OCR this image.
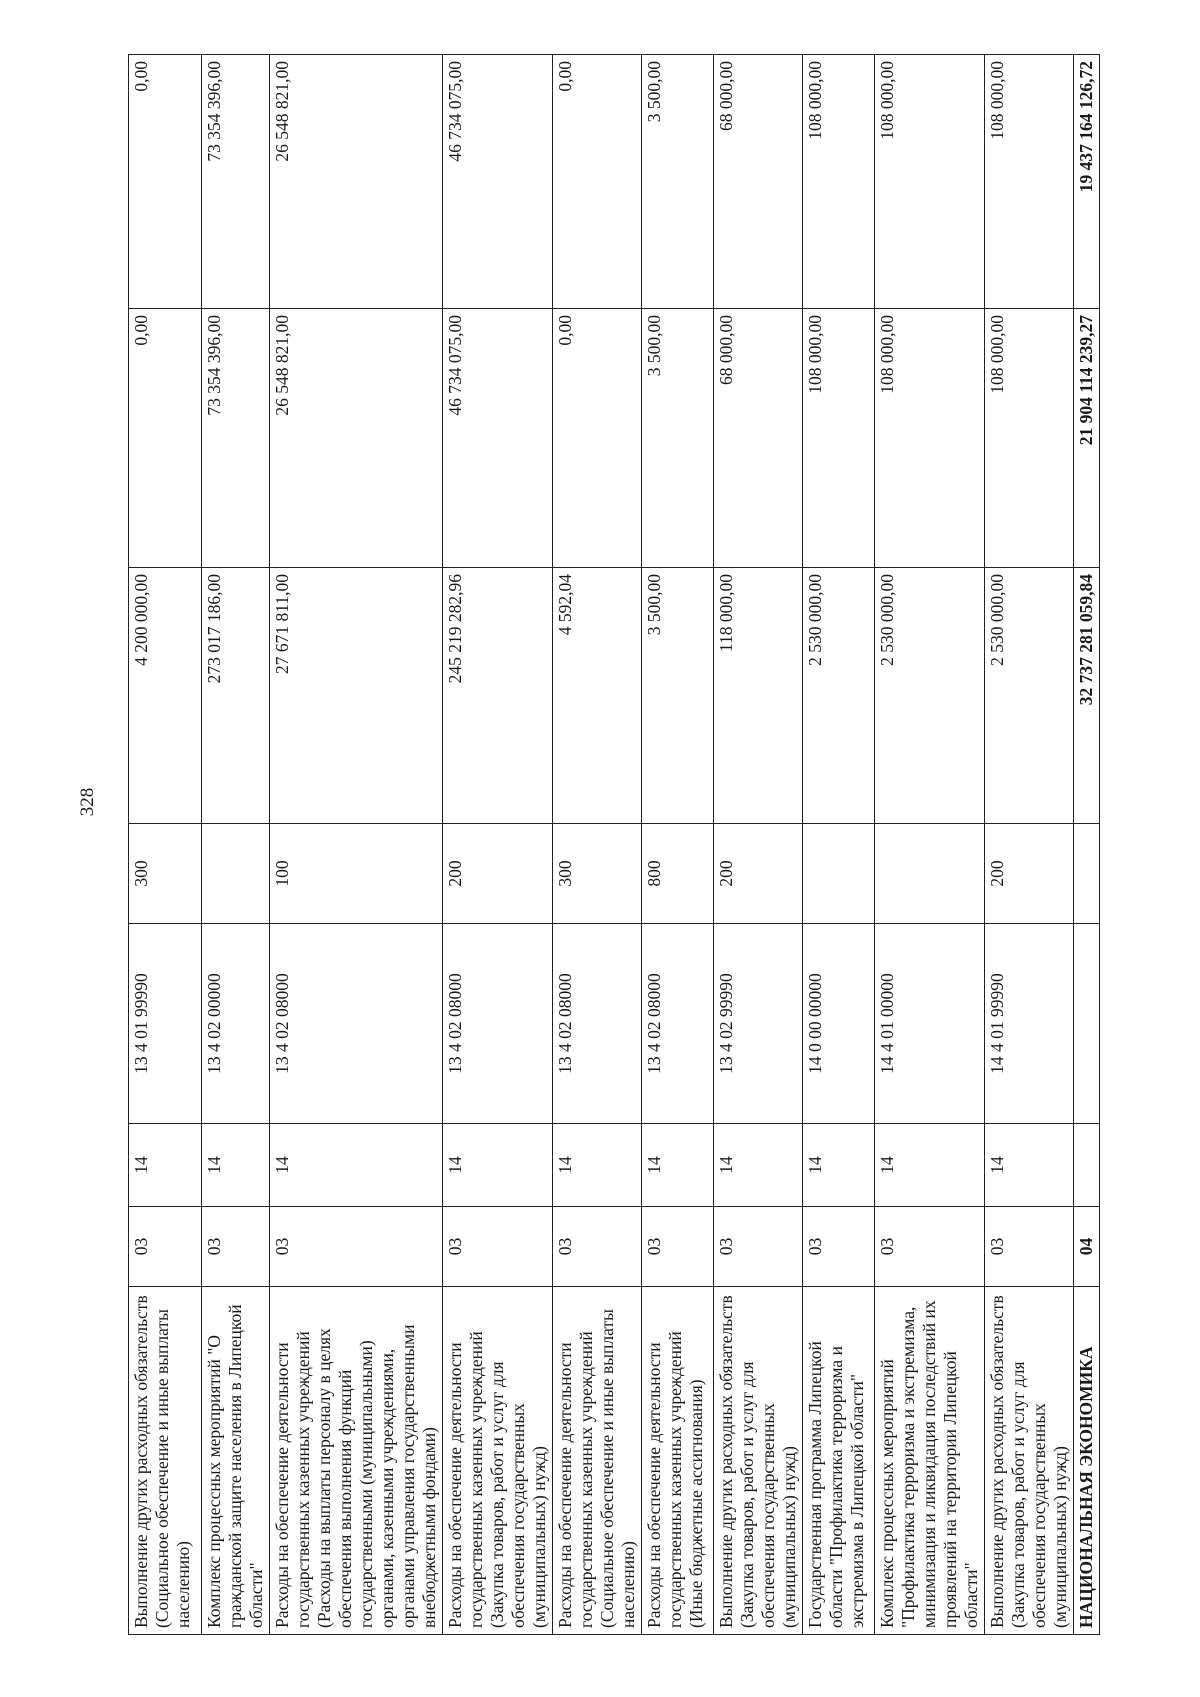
328
Выполнение других расходных обязательств (Социальное обеспечение и иные выплаты населению)	03	14	13 4 01 99990	300	4 200 000,00	0,00	0,00
Комплекс процессных мероприятий "О гражданской защите населения в Липецкой области"	03	14	13 4 02 00000		273 017 186,00	73 354 396,00	73 354 396,00
Расходы на обеспечение деятельности государственных казенных учреждений (Расходы на выплаты персоналу в целях обеспечения выполнения функций государственными (муниципальными) органами, казенными учреждениями, органами управления государственными внебюджетными фондами)	03	14	13 4 02 08000	100	27 671 811,00	26 548 821,00	26 548 821,00
Расходы на обеспечение деятельности государственных казенных учреждений (Закупка товаров, работ и услуг для обеспечения государственных (муниципальных) нужд)	03	14	13 4 02 08000	200	245 219 282,96	46 734 075,00	46 734 075,00
Расходы на обеспечение деятельности государственных казенных учреждений (Социальное обеспечение и иные выплаты населению)	03	14	13 4 02 08000	300	4 592,04	0,00	0,00
Расходы на обеспечение деятельности государственных казенных учреждений (Иные бюджетные ассигнования)	03	14	13 4 02 08000	800	3 500,00	3 500,00	3 500,00
Выполнение других расходных обязательств (Закупка товаров, работ и услуг для обеспечения государственных (муниципальных) нужд)	03	14	13 4 02 99990	200	118 000,00	68 000,00	68 000,00
Государственная программа Липецкой области "Профилактика терроризма и экстремизма в Липецкой области"	03	14	14 0 00 00000		2 530 000,00	108 000,00	108 000,00
Комплекс процессных мероприятий "Профилактика терроризма и экстремизма, минимизация и ликвидация последствий их проявлений на территории Липецкой области"	03	14	14 4 01 00000		2 530 000,00	108 000,00	108 000,00
Выполнение других расходных обязательств (Закупка товаров, работ и услуг для обеспечения государственных (муниципальных) нужд)	03	14	14 4 01 99990	200	2 530 000,00	108 000,00	108 000,00
НАЦИОНАЛЬНАЯ ЭКОНОМИКА	04				32 737 281 059,84	21 904 114 239,27	19 437 164 126,72
